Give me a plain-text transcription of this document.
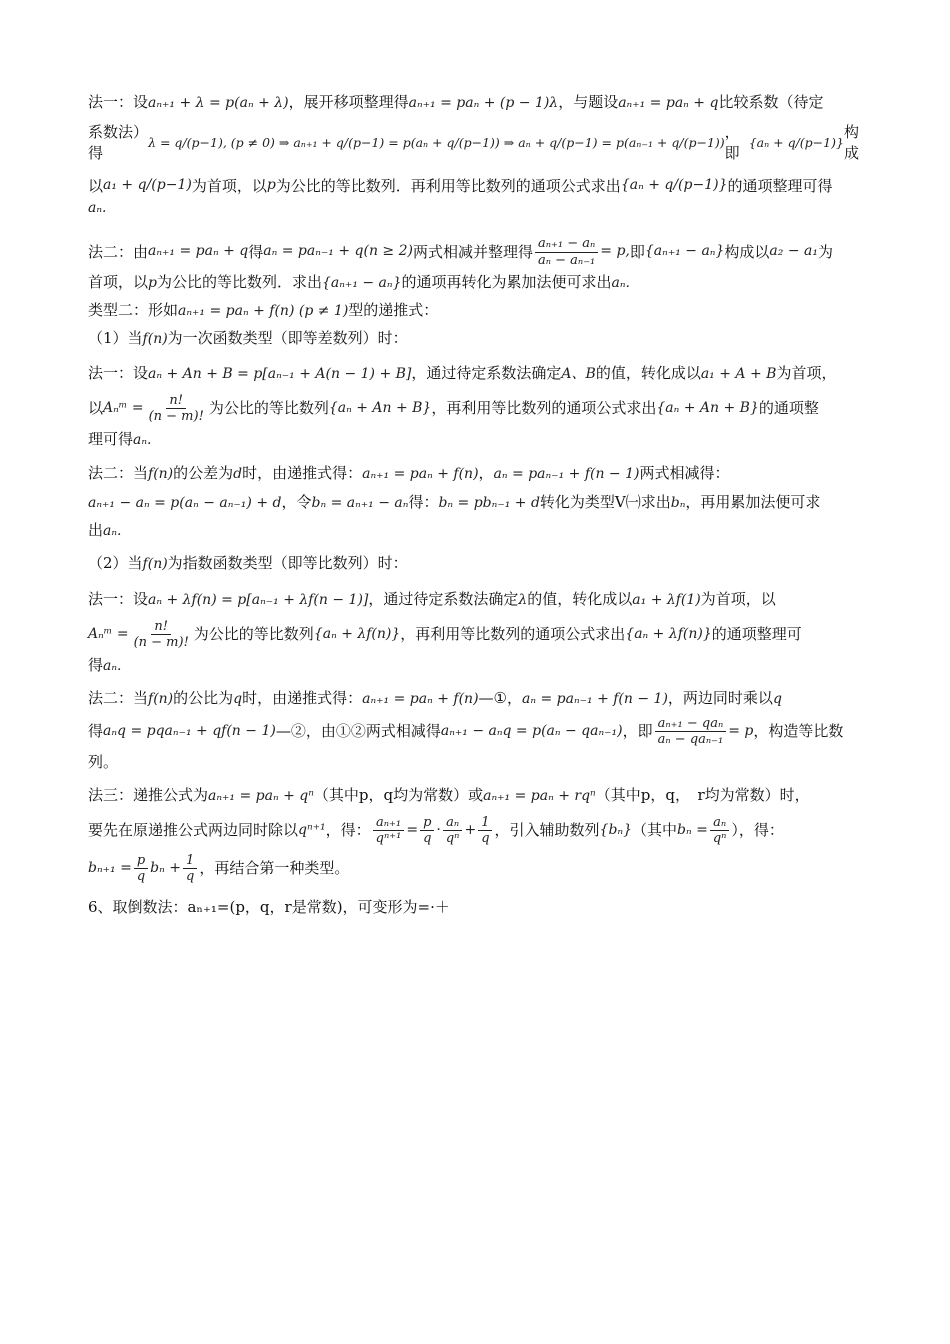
法一：设aₙ₊₁ + λ = p(aₙ + λ)，展开移项整理得aₙ₊₁ = paₙ + (p − 1)λ，与题设aₙ₊₁ = paₙ + q比较系数（待定

系数法）得
λ = q/(p−1), (p ≠ 0) ⇒ aₙ₊₁ + q/(p−1) = p(aₙ + q/(p−1)) ⇒ aₙ + q/(p−1) = p(aₙ₋₁ + q/(p−1))
，即
{aₙ + q/(p−1)}
构成
以 a₁ + q/(p−1) 为首项，以 p 为公比的等比数列．再利用等比数列的通项公式求出 {aₙ + q/(p−1)} 的通项整理可得

aₙ.

法二：由 aₙ₊₁ = paₙ + q 得 aₙ = paₙ₋₁ + q(n ≥ 2) 两式相减并整理得 $\frac{\text{aₙ₊₁ − aₙ}}{\text{aₙ − aₙ₋₁}} = p$, 即 {aₙ₊₁ − aₙ} 构成以 a₂ − a₁ 为

首项，以p为公比的等比数列．求出{aₙ₊₁ − aₙ}的通项再转化为累加法便可求出aₙ.

类型二：形如aₙ₊₁ = paₙ + f(n) (p ≠ 1)型的递推式：

（1）当f(n)为一次函数类型（即等差数列）时：

法一：设aₙ + An + B = p[aₙ₋₁ + A(n − 1) + B]，通过待定系数法确定A、B的值，转化成以a₁ + A + B为首项，

以 Aₙᵐ = $\frac{n!}{(n - m)!}$ 为公比的等比数列 {aₙ + An + B} ，再利用等比数列的通项公式求出 {aₙ + An + B} 的通项整

理可得aₙ.

法二：当f(n)的公差为d时，由递推式得：aₙ₊₁ = paₙ + f(n)，aₙ = paₙ₋₁ + f(n − 1)两式相减得：

aₙ₊₁ − aₙ = p(aₙ − aₙ₋₁) + d，令bₙ = aₙ₊₁ − aₙ得：bₙ = pbₙ₋₁ + d转化为类型Ⅴ㈠求出bₙ，再用累加法便可求

出aₙ.

（2）当f(n)为指数函数类型（即等比数列）时：

法一：设aₙ + λf(n) = p[aₙ₋₁ + λf(n − 1)]，通过待定系数法确定λ的值，转化成以a₁ + λf(1)为首项，以

Aₙᵐ = $\frac{n!}{(n - m)!}$ 为公比的等比数列 {aₙ + λf(n)} ，再利用等比数列的通项公式求出 {aₙ + λf(n)} 的通项整理可

得aₙ.

法二：当f(n)的公比为q时，由递推式得：aₙ₊₁ = paₙ + f(n)—①，aₙ = paₙ₋₁ + f(n − 1)，两边同时乘以q

得 aₙq = pqaₙ₋₁ + qf(n − 1) —②，由①②两式相减得 aₙ₊₁ − aₙq = p(aₙ − qaₙ₋₁) ，即 $\frac{\text{aₙ₊₁ − qaₙ}}{\text{aₙ − qaₙ₋₁}} = p$ ，构造等比数

列。

法三：递推公式为aₙ₊₁ = paₙ + qⁿ（其中p，q均为常数）或aₙ₊₁ = paₙ + rqⁿ（其中p，q，　r均为常数）时，

要先在原递推公式两边同时除以 qⁿ⁺¹ ，得： $\frac{\text{aₙ₊₁}}{\text{qⁿ⁺¹}} = \frac{p}{q} \cdot \frac{\text{aₙ}}{\text{qⁿ}} + \frac{1}{q}$ ，引入辅助数列 {bₙ} （其中 $b_n = \frac{\text{aₙ}}{\text{qⁿ}}$ ），得：
$b_{n+1} = \frac{p}{q}$ $b_n + \frac{1}{q}$ ，再结合第一种类型。

6、取倒数法：aₙ₊₁=(p，q，r是常数)，可变形为=·＋
